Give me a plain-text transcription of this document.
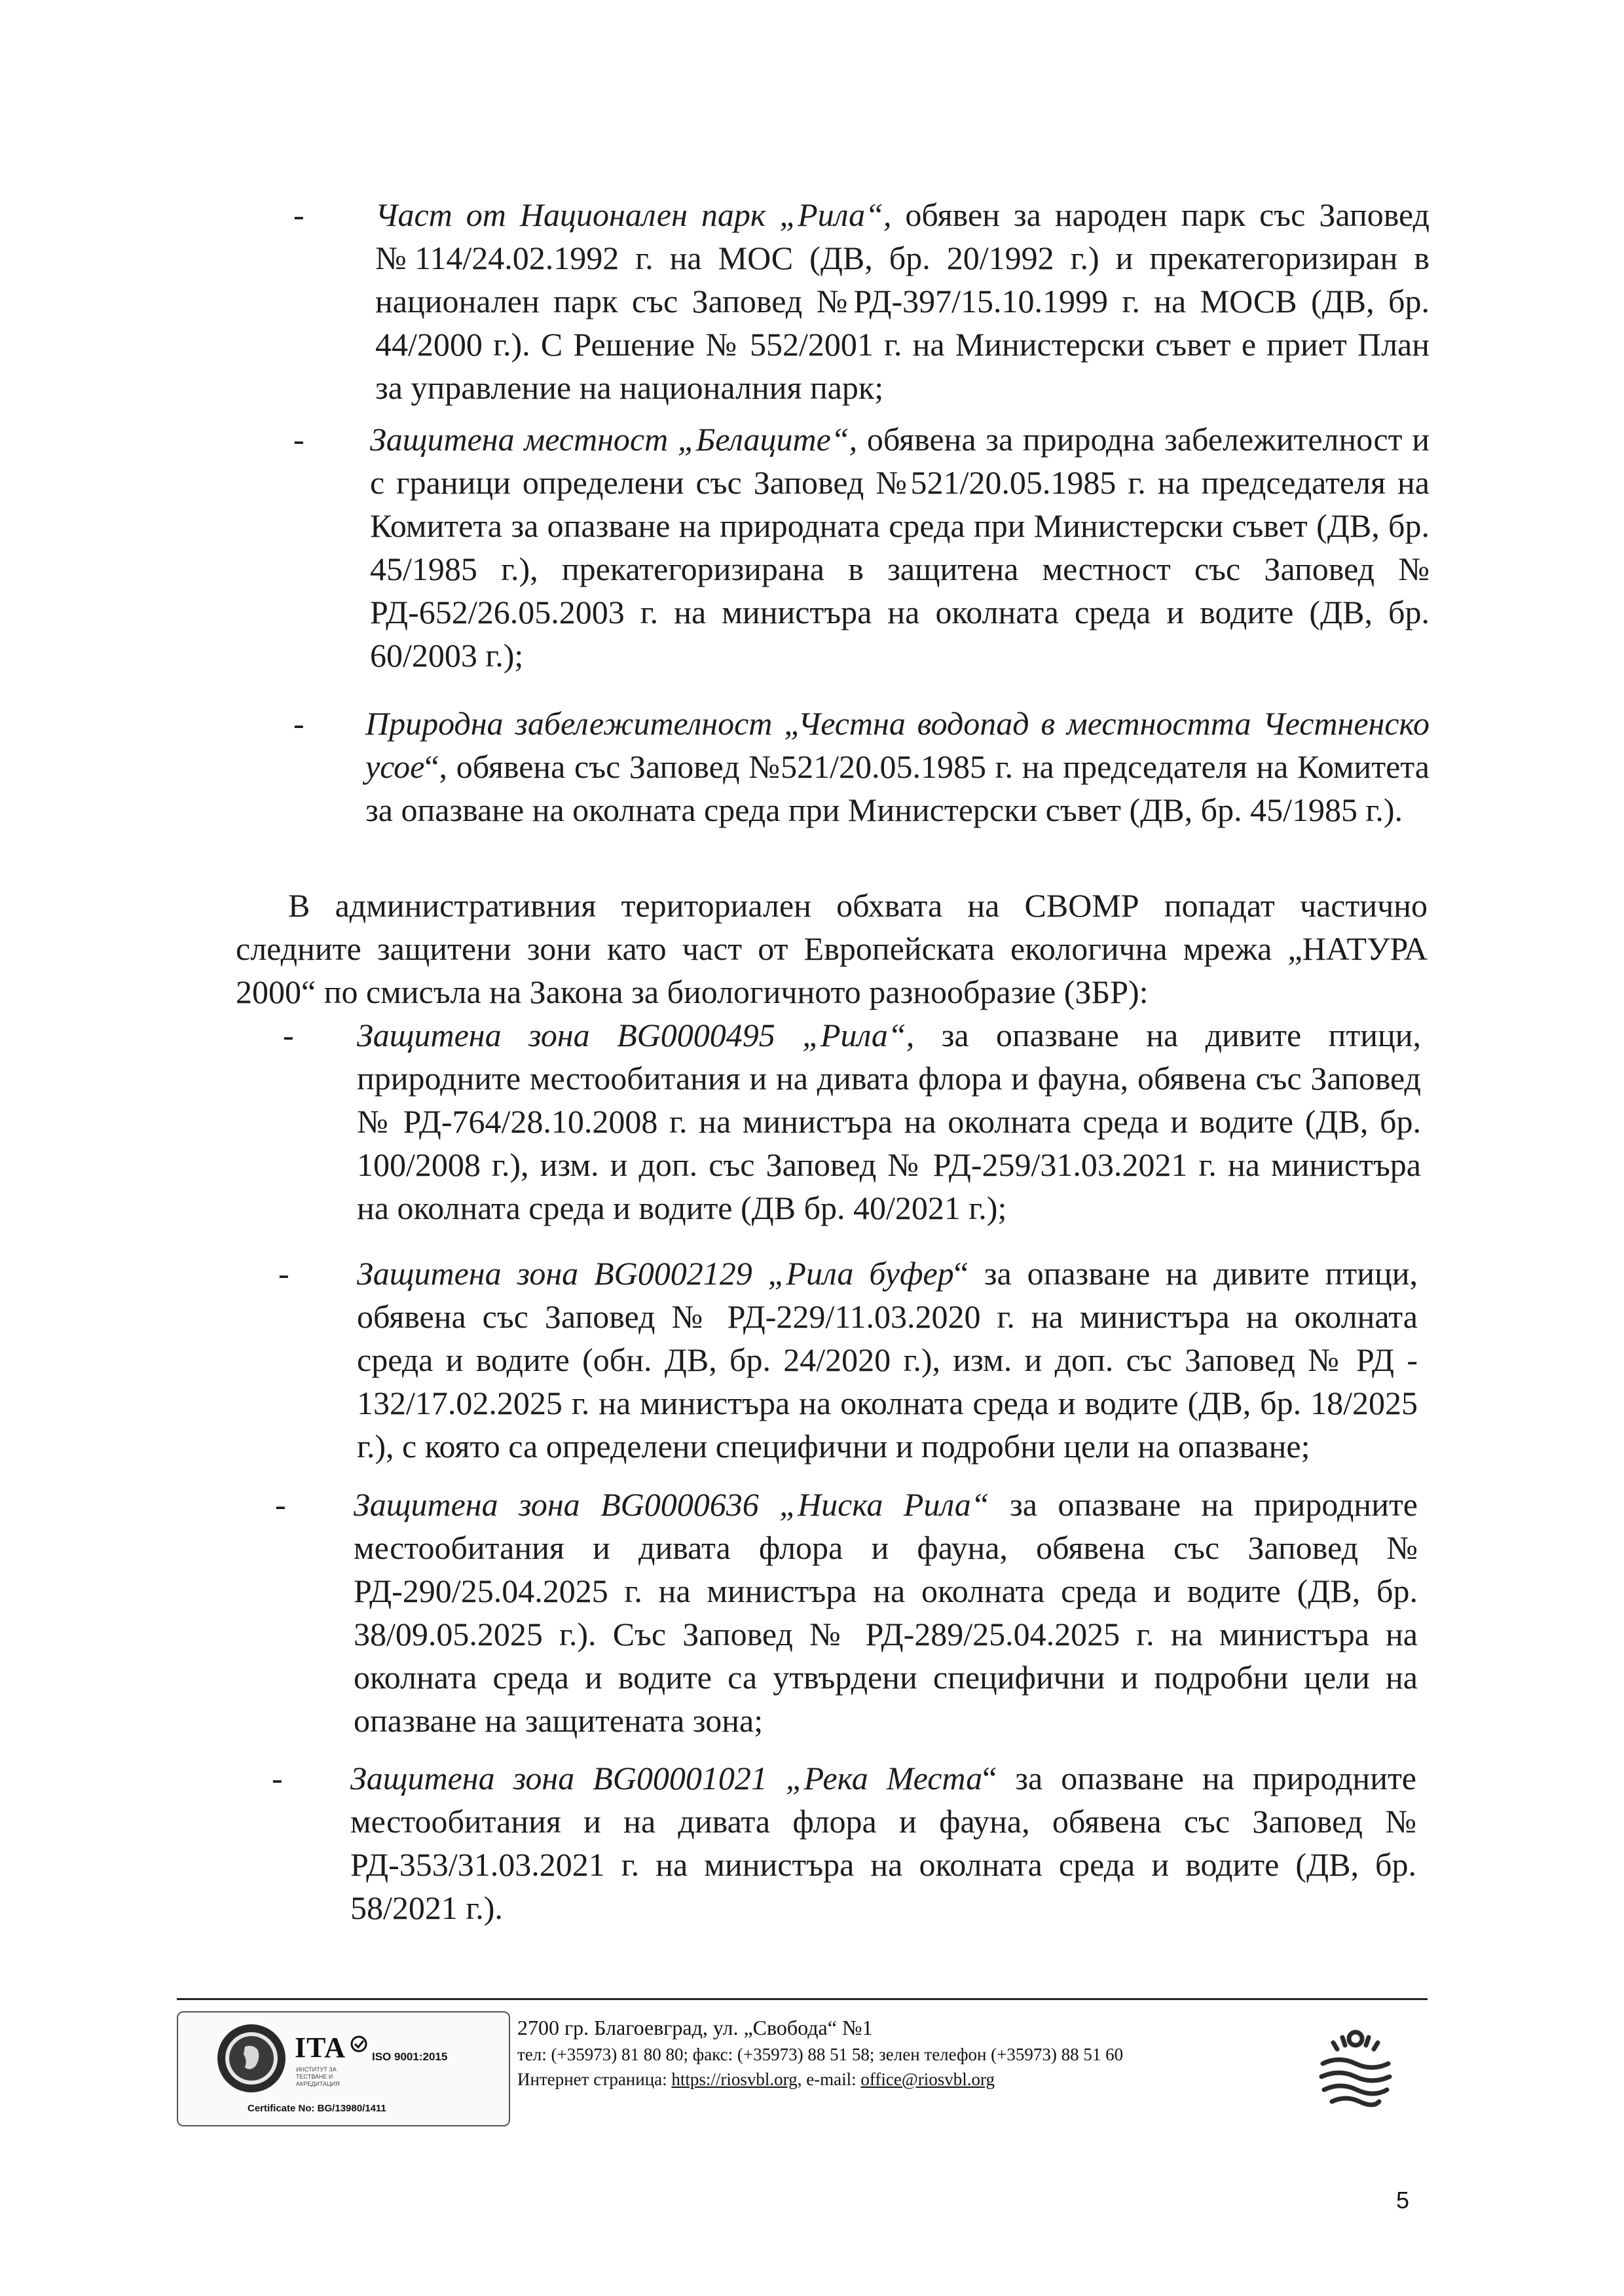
- Част от Национален парк „Рила“, обявен за народен парк със Заповед №114/24.02.1992 г. на МОС (ДВ, бр. 20/1992 г.) и прекатегоризиран в национален парк със Заповед №РД-397/15.10.1999 г. на МОСВ (ДВ, бр. 44/2000 г.). С Решение № 552/2001 г. на Министерски съвет е приет План за управление на националния парк;
- Защитена местност „Белаците“, обявена за природна забележителност и с граници определени със Заповед №521/20.05.1985 г. на председателя на Комитета за опазване на природната среда при Министерски съвет (ДВ, бр. 45/1985 г.), прекатегоризирана в защитена местност със Заповед № РД-652/26.05.2003 г. на министъра на околната среда и водите (ДВ, бр. 60/2003 г.);
- Природна забележителност „Честна водопад в местността Честненско усое“, обявена със Заповед №521/20.05.1985 г. на председателя на Комитета за опазване на околната среда при Министерски съвет (ДВ, бр. 45/1985 г.).
В административния териториален обхвата на СВОМР попадат частично следните защитени зони като част от Европейската екологична мрежа „НАТУРА 2000“ по смисъла на Закона за биологичното разнообразие (ЗБР):
- Защитена зона BG0000495 „Рила“, за опазване на дивите птици, природните местообитания и на дивата флора и фауна, обявена със Заповед № РД-764/28.10.2008 г. на министъра на околната среда и водите (ДВ, бр. 100/2008 г.), изм. и доп. със Заповед № РД-259/31.03.2021 г. на министъра на околната среда и водите (ДВ бр. 40/2021 г.);
- Защитена зона BG0002129 „Рила буфер“ за опазване на дивите птици, обявена със Заповед № РД-229/11.03.2020 г. на министъра на околната среда и водите (обн. ДВ, бр. 24/2020 г.), изм. и доп. със Заповед № РД - 132/17.02.2025 г. на министъра на околната среда и водите (ДВ, бр. 18/2025 г.), с която са определени специфични и подробни цели на опазване;
- Защитена зона BG0000636 „Ниска Рила“ за опазване на природните местообитания и дивата флора и фауна, обявена със Заповед № РД-290/25.04.2025 г. на министъра на околната среда и водите (ДВ, бр. 38/09.05.2025 г.). Със Заповед № РД-289/25.04.2025 г. на министъра на околната среда и водите са утвърдени специфични и подробни цели на опазване на защитената зона;
- Защитена зона BG00001021 „Река Места“ за опазване на природните местообитания и на дивата флора и фауна, обявена със Заповед № РД-353/31.03.2021 г. на министъра на околната среда и водите (ДВ, бр. 58/2021 г.).
ITA
ИНСТИТУТ ЗА ТЕСТВАНЕ И АКРЕДИТАЦИЯ
ISO 9001:2015
Certificate No: BG/13980/1411
2700 гр. Благоевград, ул. „Свобода“ №1
тел: (+35973) 81 80 80; факс: (+35973) 88 51 58; зелен телефон (+35973) 88 51 60
Интернет страница: https://riosvbl.org, e-mail: office@riosvbl.org
5
